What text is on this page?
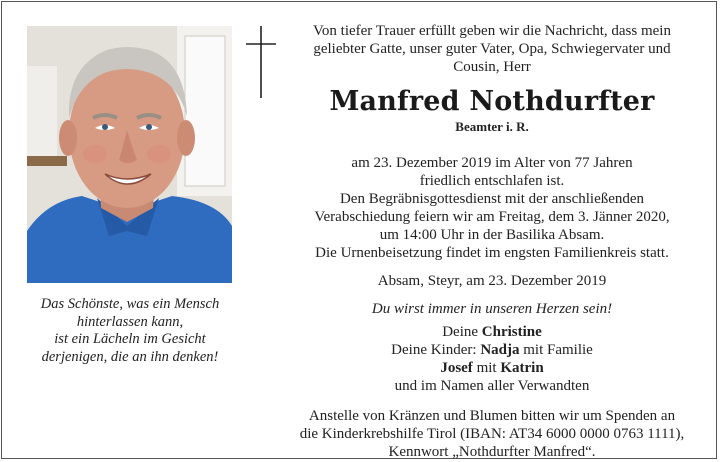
Das Schönste, was ein Mensch
hinterlassen kann,
ist ein Lächeln im Gesicht
derjenigen, die an ihn denken!
Von tiefer Trauer erfüllt geben wir die Nachricht, dass mein
geliebter Gatte, unser guter Vater, Opa, Schwiegervater und
Cousin, Herr
Manfred Nothdurfter
Beamter i. R.
am 23. Dezember 2019 im Alter von 77 Jahren
friedlich entschlafen ist.
Den Begräbnisgottesdienst mit der anschließenden
Verabschiedung feiern wir am Freitag, dem 3. Jänner 2020,
um 14:00 Uhr in der Basilika Absam.
Die Urnenbeisetzung findet im engsten Familienkreis statt.
Absam, Steyr, am 23. Dezember 2019
Du wirst immer in unseren Herzen sein!
Deine Christine
Deine Kinder: Nadja mit Familie
Josef mit Katrin
und im Namen aller Verwandten
Anstelle von Kränzen und Blumen bitten wir um Spenden an
die Kinderkrebshilfe Tirol (IBAN: AT34 6000 0000 0763 1111),
Kennwort „Nothdurfter Manfred“.
